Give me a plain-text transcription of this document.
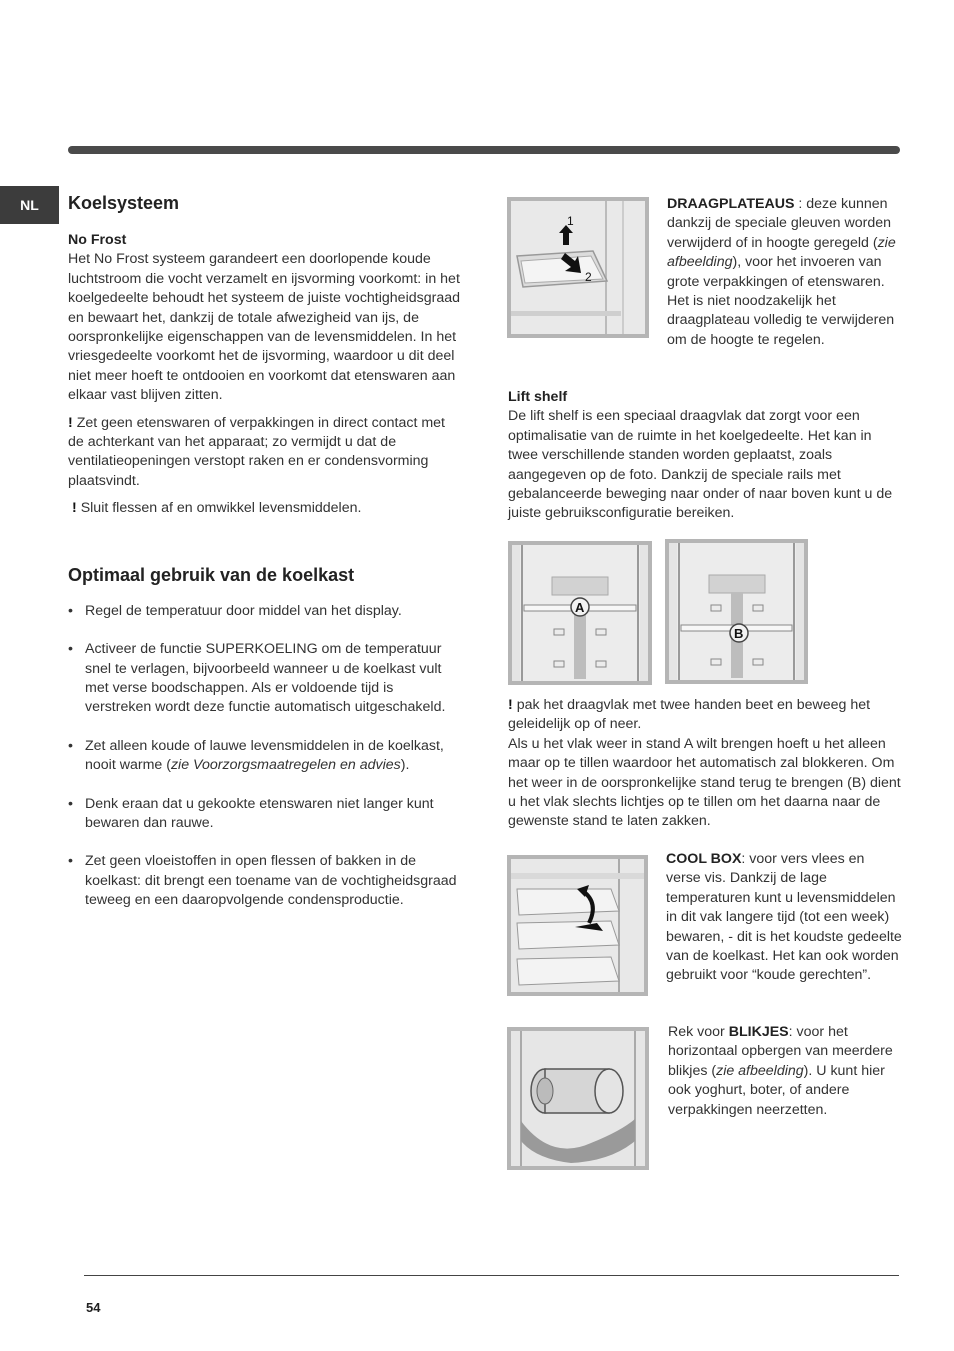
NL	Koelsysteem

No Frost

Het No Frost systeem garandeert een doorlopende koude luchtstroom die vocht verzamelt en ijsvorming voorkomt: in het koelgedeelte behoudt het systeem de juiste vochtigheidsgraad en bewaart het, dankzij de totale afwezigheid van ijs, de oorspronkelijke eigenschappen van de levensmiddelen. In het vriesgedeelte voorkomt het de ijsvorming, waardoor u dit deel niet meer hoeft te ontdooien en voorkomt dat etenswaren aan elkaar vast blijven zitten.

! Zet geen etenswaren of verpakkingen in direct contact met de achterkant van het apparaat; zo vermijdt u dat de ventilatieopeningen verstopt raken en er condensvorming plaatsvindt.

! Sluit flessen af en omwikkel levensmiddelen.

Optimaal gebruik van de koelkast
• Regel de temperatuur door middel van het display.
• Activeer de functie SUPERKOELING om de temperatuur snel te verlagen, bijvoorbeeld wanneer u de koelkast vult met verse boodschappen. Als er voldoende tijd is verstreken wordt deze functie automatisch uitgeschakeld.
• Zet alleen koude of lauwe levensmiddelen in de koelkast, nooit warme (zie Voorzorgsmaatregelen en advies).
• Denk eraan dat u gekookte etenswaren niet langer kunt bewaren dan rauwe.
• Zet geen vloeistoffen in open flessen of bakken in de koelkast: dit brengt een toename van de vochtigheidsgraad teweeg en een daaropvolgende condensproductie.
1
2
DRAAGPLATEAUS : deze kunnen dankzij de speciale gleuven worden verwijderd of in hoogte geregeld (zie afbeelding), voor het invoeren van grote verpakkingen of etenswaren. Het is niet noodzakelijk het draagplateau volledig te verwijderen om de hoogte te regelen.

Lift shelf

De lift shelf is een speciaal draagvlak dat zorgt voor een optimalisatie van de ruimte in het koelgedeelte. Het kan in twee verschillende standen worden geplaatst, zoals aangegeven op de foto. Dankzij de speciale rails met gebalanceerde beweging naar onder of naar boven kunt u de juiste gebruiksconfiguratie bereiken.

A
B

! pak het draagvlak met twee handen beet en beweeg het geleidelijk op of neer.

Als u het vlak weer in stand A wilt brengen hoeft u het alleen maar op te tillen waardoor het automatisch zal blokkeren. Om het weer in de oorspronkelijke stand terug te brengen (B) dient u het vlak slechts lichtjes op te tillen om het daarna naar de gewenste stand te laten zakken.

COOL BOX: voor vers vlees en verse vis. Dankzij de lage temperaturen kunt u levensmiddelen in dit vak langere tijd (tot een week) bewaren, - dit is het koudste gedeelte van de koelkast. Het kan ook worden gebruikt voor “koude gerechten”.
Rek voor BLIKJES: voor het horizontaal opbergen van meerdere blikjes (zie afbeelding). U kunt hier ook yoghurt, boter, of andere verpakkingen neerzetten.
54
